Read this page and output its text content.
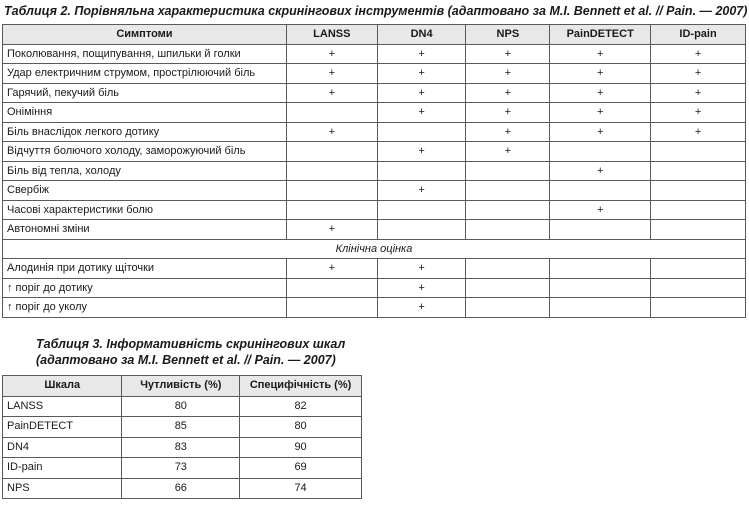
Таблиця 2. Порівняльна характеристика скринінгових інструментів (адаптовано за M.I. Bennett et al. // Pain. — 2007)
Симптоми	LANSS	DN4	NPS	PainDETECT	ID-pain
Поколювання, пощипування, шпильки й голки	+	+	+	+	+
Удар електричним струмом, прострілюючий біль	+	+	+	+	+
Гарячий, пекучий біль	+	+	+	+	+
Оніміння		+	+	+	+
Біль внаслідок легкого дотику	+		+	+	+
Відчуття болючого холоду, заморожуючий біль		+	+		
Біль від тепла, холоду				+	
Свербіж		+			
Часові характеристики болю				+	
Автономні зміни	+				
Клінічна оцінка					
Алодинія при дотику щіточки	+	+			
↑ поріг до дотику		+			
↑ поріг до уколу		+			
Таблиця 3. Інформативність скринінгових шкал
(адаптовано за M.I. Bennett et al. // Pain. — 2007)
Шкала	Чутливість (%)	Специфічність (%)
LANSS	80	82
PainDETECT	85	80
DN4	83	90
ID-pain	73	69
NPS	66	74
